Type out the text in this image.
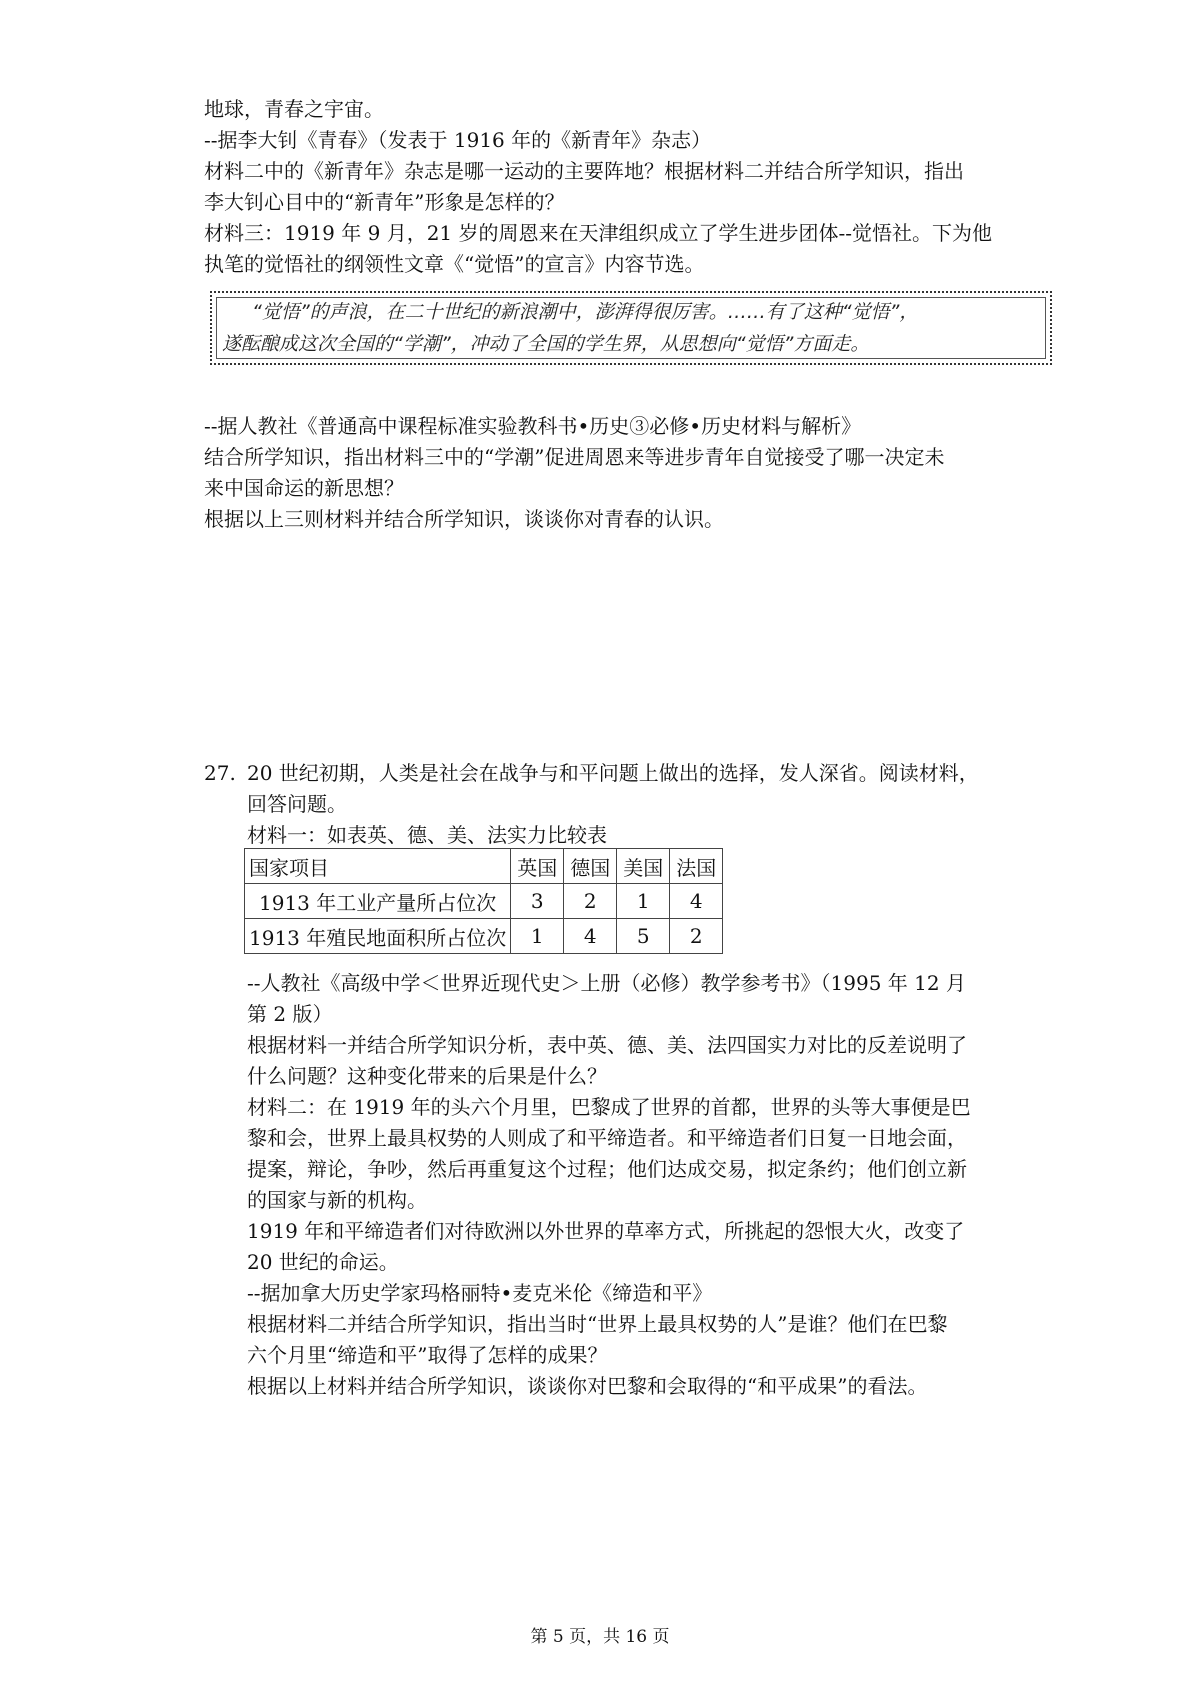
地球，青春之宇宙。
--据李大钊《青春》（发表于 1916 年的《新青年》杂志）
材料二中的《新青年》杂志是哪一运动的主要阵地？根据材料二并结合所学知识，指出
李大钊心目中的“新青年”形象是怎样的？
材料三：1919 年 9 月，21 岁的周恩来在天津组织成立了学生进步团体--觉悟社。下为他
执笔的觉悟社的纲领性文章《“觉悟”的宣言》内容节选。
“觉悟”的声浪，在二十世纪的新浪潮中，澎湃得很厉害。……有了这种“觉悟”，
遂酝酿成这次全国的“学潮”，冲动了全国的学生界，从思想向“觉悟”方面走。
--据人教社《普通高中课程标准实验教科书•历史③必修•历史材料与解析》
结合所学知识，指出材料三中的“学潮”促进周恩来等进步青年自觉接受了哪一决定未
来中国命运的新思想？
根据以上三则材料并结合所学知识，谈谈你对青春的认识。
27. 20 世纪初期，人类是社会在战争与和平问题上做出的选择，发人深省。阅读材料，
回答问题。
材料一：如表英、德、美、法实力比较表
国家项目	英国	德国	美国	法国
1913 年工业产量所占位次	3	2	1	4
1913 年殖民地面积所占位次	1	4	5	2
--人教社《高级中学＜世界近现代史＞上册（必修）教学参考书》（1995 年 12 月
第 2 版）
根据材料一并结合所学知识分析，表中英、德、美、法四国实力对比的反差说明了
什么问题？这种变化带来的后果是什么？
材料二：在 1919 年的头六个月里，巴黎成了世界的首都，世界的头等大事便是巴
黎和会，世界上最具权势的人则成了和平缔造者。和平缔造者们日复一日地会面，
提案，辩论，争吵，然后再重复这个过程；他们达成交易，拟定条约；他们创立新
的国家与新的机构。
1919 年和平缔造者们对待欧洲以外世界的草率方式，所挑起的怨恨大火，改变了
20 世纪的命运。
--据加拿大历史学家玛格丽特•麦克米伦《缔造和平》
根据材料二并结合所学知识，指出当时“世界上最具权势的人”是谁？他们在巴黎
六个月里“缔造和平”取得了怎样的成果？
根据以上材料并结合所学知识，谈谈你对巴黎和会取得的“和平成果”的看法。
第 5 页，共 16 页
